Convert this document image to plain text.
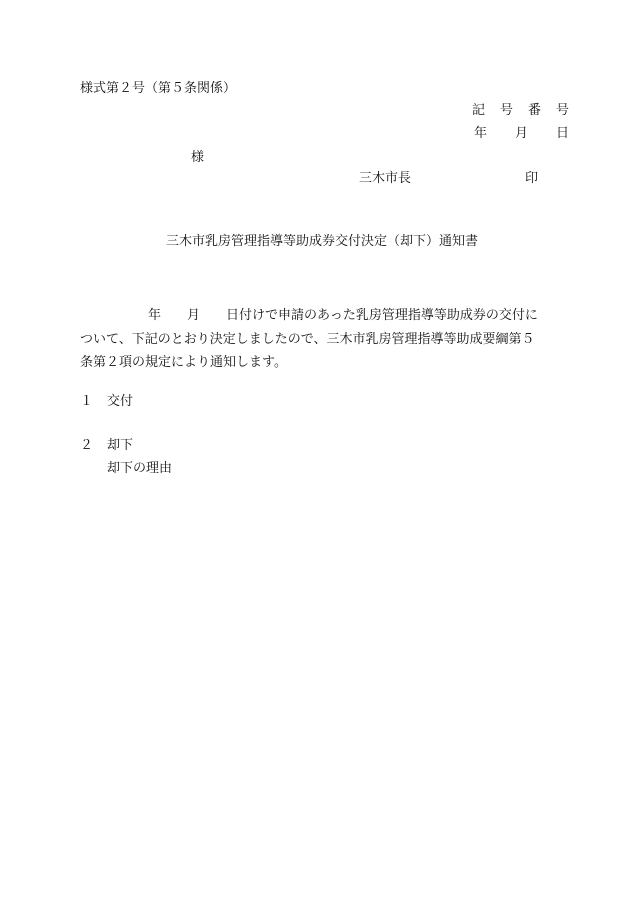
様式第２号（第５条関係）
記 号 番 号
年 月 日
様
三木市長	印
三木市乳房管理指導等助成券交付決定（却下）通知書
年　　月　　日付けで申請のあった乳房管理指導等助成券の交付に
ついて、下記のとおり決定しましたので、三木市乳房管理指導等助成要綱第５
条第２項の規定により通知します。
１ 交付
２ 却下
却下の理由
